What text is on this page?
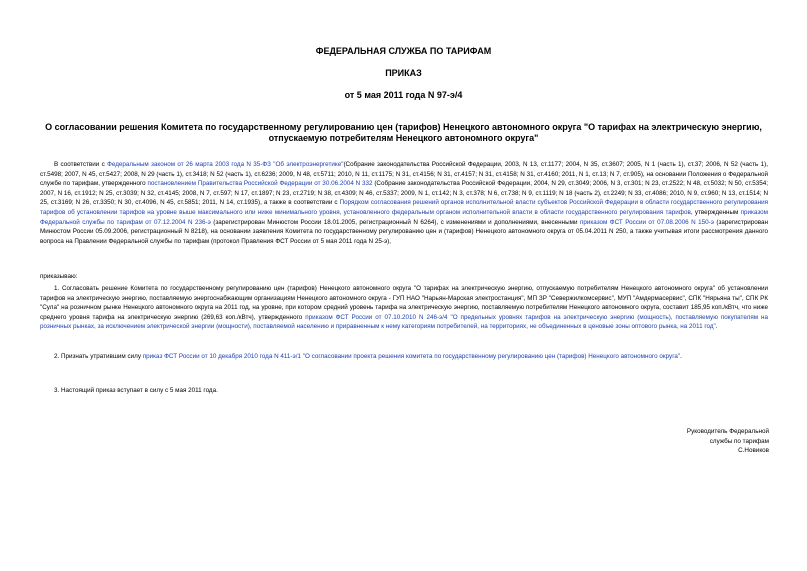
ФЕДЕРАЛЬНАЯ СЛУЖБА ПО ТАРИФАМ
ПРИКАЗ
от 5 мая 2011 года N 97-э/4
О согласовании решения Комитета по государственному регулированию цен (тарифов) Ненецкого автономного округа "О тарифах на электрическую энергию,
отпускаемую потребителям Ненецкого автономного округа"
В соответствии с Федеральным законом от 26 марта 2003 года N 35-ФЗ "Об электроэнергетике"(Собрание законодательства Российской Федерации, 2003, N 13, ст.1177; 2004, N 35, ст.3607; 2005, N 1 (часть 1), ст.37; 2006, N 52 (часть 1), ст.5498; 2007, N 45, ст.5427; 2008, N 29 (часть 1), ст.3418; N 52 (часть 1), ст.6236; 2009, N 48, ст.5711; 2010, N 11, ст.1175; N 31, ст.4156; N 31, ст.4157; N 31, ст.4158; N 31, ст.4160; 2011, N 1, ст.13; N 7, ст.905), на основании Положения о Федеральной службе по тарифам, утвержденного постановлением Правительства Российской Федерации от 30.06.2004 N 332 (Собрание законодательства Российской Федерации, 2004, N 29, ст.3049; 2006, N 3, ст.301; N 23, ст.2522; N 48, ст.5032; N 50, ст.5354; 2007, N 16, ст.1912; N 25, ст.3039; N 32, ст.4145; 2008, N 7, ст.597; N 17, ст.1897; N 23, ст.2719; N 38, ст.4309; N 46, ст.5337; 2009, N 1, ст.142; N 3, ст.378; N 6, ст.738; N 9, ст.1119; N 18 (часть 2), ст.2249; N 33, ст.4086; 2010, N 9, ст.960; N 13, ст.1514; N 25, ст.3169; N 26, ст.3350; N 30, ст.4096, N 45, ст.5851; 2011, N 14, ст.1935), а также в соответствии с Порядком согласования решений органов исполнительной власти субъектов Российской Федерации в области государственного регулирования тарифов об установлении тарифов на уровне выше максимального или ниже минимального уровня, установленного федеральным органом исполнительной власти в области государственного регулирования тарифов, утвержденным приказом Федеральной службы по тарифам от 07.12.2004 N 236-э (зарегистрирован Минюстом России 18.01.2005, регистрационный N 6264), с изменениями и дополнениями, внесенными приказом ФСТ России от 07.08.2006 N 150-э (зарегистрирован Минюстом России 05.09.2006, регистрационный N 8218), на основании заявления Комитета по государственному регулированию цен и (тарифов) Ненецкого автономного округа от 05.04.2011 N 250, а также учитывая итоги рассмотрения данного вопроса на Правлении Федеральной службы по тарифам (протокол Правления ФСТ России от 5 мая 2011 года N 25-э),
приказываю:
1. Согласовать решение Комитета по государственному регулированию цен (тарифов) Ненецкого автономного округа "О тарифах на электрическую энергию, отпускаемую потребителям Ненецкого автономного округа" об установлении тарифов на электрическую энергию, поставляемую энергоснабжающим организациям Ненецкого автономного округа - ГУП НАО "Нарьян-Марская электростанция", МП ЗР "Севержилкомсервис", МУП "Амдермасервис", СПК "Нярьяна ты", СПК РК "Сула" на розничном рынке Ненецкого автономного округа на 2011 год, на уровне, при котором средний уровень тарифа на электрическую энергию, поставляемую потребителям Ненецкого автономного округа, составит 185,95 коп./кВтч, что ниже среднего уровня тарифа на электрическую энергию (269,63 коп./кВтч), утвержденного приказом ФСТ России от 07.10.2010 N 246-э/4 "О предельных уровнях тарифов на электрическую энергию (мощность), поставляемую покупателям на розничных рынках, за исключением электрической энергии (мощности), поставляемой населению и приравненным к нему категориям потребителей, на территориях, не объединенных в ценовые зоны оптового рынка, на 2011 год".
2. Признать утратившим силу приказ ФСТ России от 10 декабря 2010 года N 411-э/1 "О согласовании проекта решения комитета по государственному регулированию цен (тарифов) Ненецкого автономного округа".
3. Настоящий приказ вступает в силу с 5 мая 2011 года.
Руководитель Федеральной
службы по тарифам
С.Новиков
